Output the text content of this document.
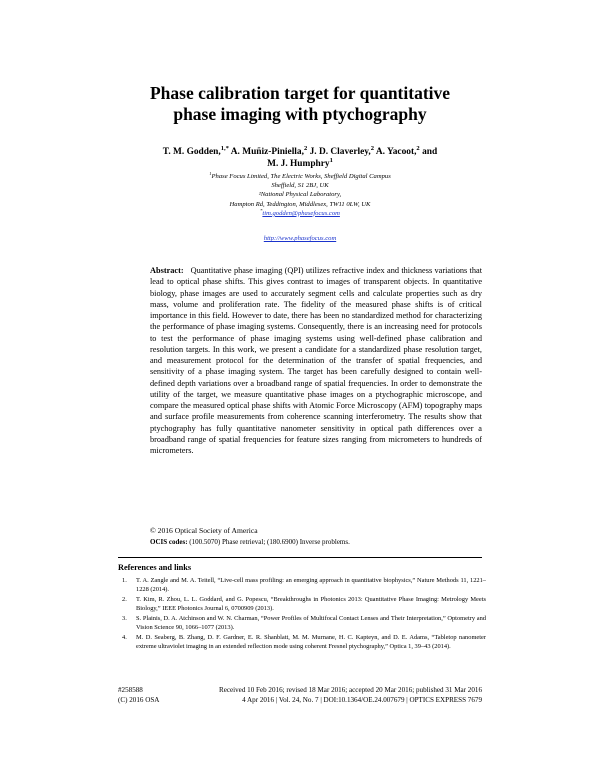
Phase calibration target for quantitative
phase imaging with ptychography
T. M. Godden,$^{1,*}$ A. Muñiz-Piniella,$^2$ J. D. Claverley,$^2$ A. Yacoot,$^2$ and
M. J. Humphry$^1$
$^1$Phase Focus Limited, The Electric Works, Sheffield Digital Campus
Sheffield, S1 2BJ, UK
²National Physical Laboratory,
Hampton Rd, Teddington, Middlesex, TW11 0LW, UK
*tim.godden@phasefocus.com
http://www.phasefocus.com
Abstract: Quantitative phase imaging (QPI) utilizes refractive index and thickness variations that lead to optical phase shifts. This gives contrast to images of transparent objects. In quantitative biology, phase images are used to accurately segment cells and calculate properties such as dry mass, volume and proliferation rate. The fidelity of the measured phase shifts is of critical importance in this field. However to date, there has been no standardized method for characterizing the performance of phase imaging systems. Consequently, there is an increasing need for protocols to test the performance of phase imaging systems using well-defined phase calibration and resolution targets. In this work, we present a candidate for a standardized phase resolution target, and measurement protocol for the determination of the transfer of spatial frequencies, and sensitivity of a phase imaging system. The target has been carefully designed to contain well-defined depth variations over a broadband range of spatial frequencies. In order to demonstrate the utility of the target, we measure quantitative phase images on a ptychographic microscope, and compare the measured optical phase shifts with Atomic Force Microscopy (AFM) topography maps and surface profile measurements from coherence scanning interferometry. The results show that ptychography has fully quantitative nanometer sensitivity in optical path differences over a broadband range of spatial frequencies for feature sizes ranging from micrometers to hundreds of micrometers.
© 2016 Optical Society of America
OCIS codes: (100.5070) Phase retrieval; (180.6900) Inverse problems.
References and links
1. T. A. Zangle and M. A. Teitell, “Live-cell mass profiling: an emerging approach in quantitative biophysics,” Nature Methods 11, 1221–1228 (2014).
2. T. Kim, R. Zhou, L. L. Goddard, and G. Popescu, “Breakthroughs in Photonics 2013: Quantitative Phase Imaging: Metrology Meets Biology,” IEEE Photonics Journal 6, 0700909 (2013).
3. S. Plainis, D. A. Atchinson and W. N. Charman, “Power Profiles of Multifocal Contact Lenses and Their Interpretation,” Optometry and Vision Science 90, 1066–1077 (2013).
4. M. D. Seaberg, B. Zhang, D. F. Gardner, E. R. Shanblatt, M. M. Murnane, H. C. Kapteyn, and D. E. Adams, “Tabletop nanometer extreme ultraviolet imaging in an extended reflection mode using coherent Fresnel ptychography,” Optica 1, 39–43 (2014).
#258588
(C) 2016 OSA
Received 10 Feb 2016; revised 18 Mar 2016; accepted 20 Mar 2016; published 31 Mar 2016
4 Apr 2016 | Vol. 24, No. 7 | DOI:10.1364/OE.24.007679 | OPTICS EXPRESS 7679
